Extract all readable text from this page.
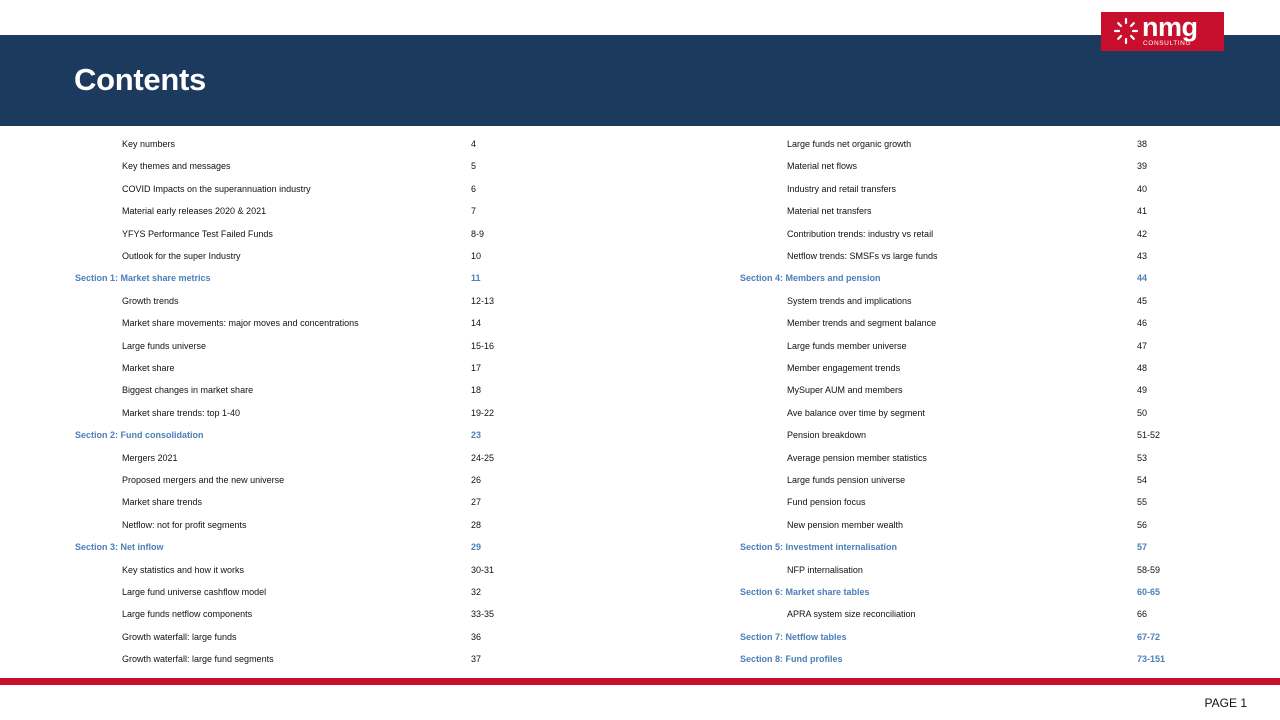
Contents
nmg
CONSULTING
Key numbers	4
Key themes and messages	5
COVID Impacts on the superannuation industry	6
Material early releases 2020 & 2021	7
YFYS Performance Test Failed Funds	8-9
Outlook for the super Industry	10
Section 1: Market share metrics	11
Growth trends	12-13
Market share movements: major moves and concentrations	14
Large funds universe	15-16
Market share	17
Biggest changes in market share	18
Market share trends: top 1-40	19-22
Section 2: Fund consolidation	23
Mergers 2021	24-25
Proposed mergers and the new universe	26
Market share trends	27
Netflow: not for profit segments	28
Section 3: Net inflow	29
Key statistics and how it works	30-31
Large fund universe cashflow model	32
Large funds netflow components	33-35
Growth waterfall: large funds	36
Growth waterfall: large fund segments	37
Large funds net organic growth	38
Material net flows	39
Industry and retail transfers	40
Material net transfers	41
Contribution trends: industry vs retail	42
Netflow trends: SMSFs vs large funds	43
Section 4: Members and pension	44
System trends and implications	45
Member trends and segment balance	46
Large funds member universe	47
Member engagement trends	48
MySuper AUM and members	49
Ave balance over time by segment	50
Pension breakdown	51-52
Average pension member statistics	53
Large funds pension universe	54
Fund pension focus	55
New pension member wealth	56
Section 5: Investment internalisation	57
NFP internalisation	58-59
Section 6: Market share tables	60-65
APRA system size reconciliation	66
Section 7: Netflow tables	67-72
Section 8: Fund profiles	73-151
PAGE 1
